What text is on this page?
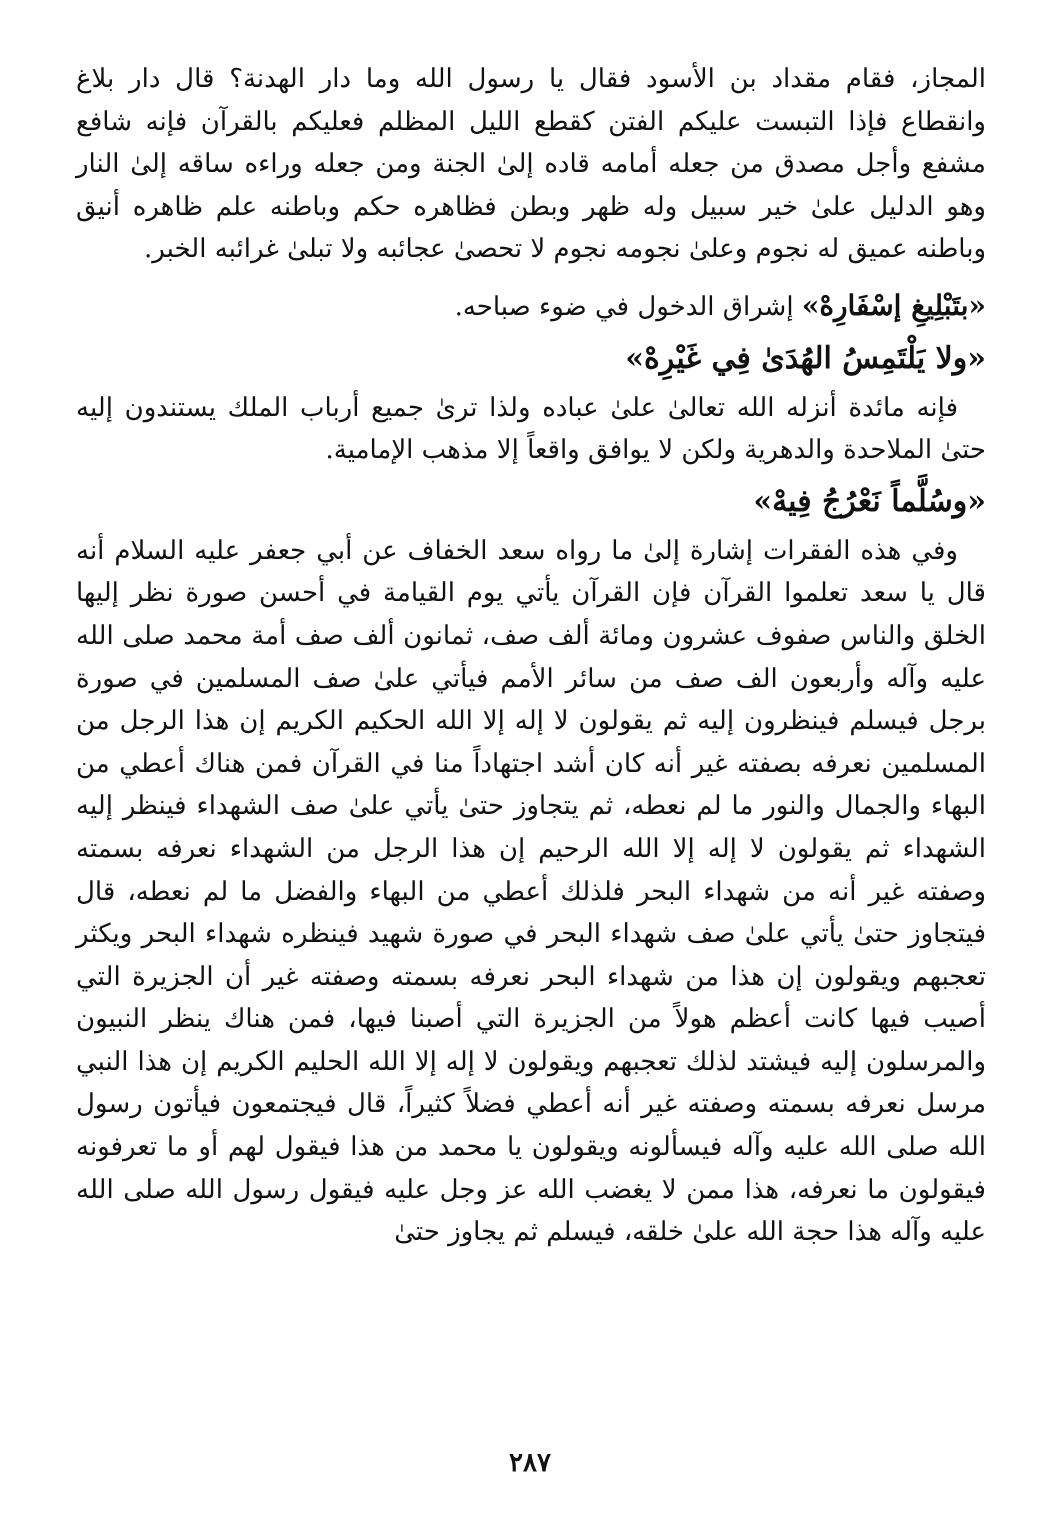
المجاز، فقام مقداد بن الأسود فقال يا رسول الله وما دار الهدنة؟ قال دار بلاغ وانقطاع فإذا التبست عليكم الفتن كقطع الليل المظلم فعليكم بالقرآن فإنه شافع مشفع وأجل مصدق من جعله أمامه قاده إلىٰ الجنة ومن جعله وراءه ساقه إلىٰ النار وهو الدليل علىٰ خير سبيل وله ظهر وبطن فظاهره حكم وباطنه علم ظاهره أنيق وباطنه عميق له نجوم وعلىٰ نجومه نجوم لا تحصىٰ عجائبه ولا تبلىٰ غرائبه الخبر.

«بتَبْلِيغِ إسْفَارِهْ» إشراق الدخول في ضوء صباحه.

«ولا يَلْتَمِسُ الهُدَىٰ فِي غَيْرِهْ»

فإنه مائدة أنزله الله تعالىٰ علىٰ عباده ولذا ترىٰ جميع أرباب الملك يستندون إليه حتىٰ الملاحدة والدهرية ولكن لا يوافق واقعاً إلا مذهب الإمامية.

«وسُلَّماً نَعْرُجُ فِيهْ»

وفي هذه الفقرات إشارة إلىٰ ما رواه سعد الخفاف عن أبي جعفر عليه السلام أنه قال يا سعد تعلموا القرآن فإن القرآن يأتي يوم القيامة في أحسن صورة نظر إليها الخلق والناس صفوف عشرون ومائة ألف صف، ثمانون ألف صف أمة محمد صلى الله عليه وآله وأربعون الف صف من سائر الأمم فيأتي علىٰ صف المسلمين في صورة برجل فيسلم فينظرون إليه ثم يقولون لا إله إلا الله الحكيم الكريم إن هذا الرجل من المسلمين نعرفه بصفته غير أنه كان أشد اجتهاداً منا في القرآن فمن هناك أعطي من البهاء والجمال والنور ما لم نعطه، ثم يتجاوز حتىٰ يأتي علىٰ صف الشهداء فينظر إليه الشهداء ثم يقولون لا إله إلا الله الرحيم إن هذا الرجل من الشهداء نعرفه بسمته وصفته غير أنه من شهداء البحر فلذلك أعطي من البهاء والفضل ما لم نعطه، قال فيتجاوز حتىٰ يأتي علىٰ صف شهداء البحر في صورة شهيد فينظره شهداء البحر ويكثر تعجبهم ويقولون إن هذا من شهداء البحر نعرفه بسمته وصفته غير أن الجزيرة التي أصيب فيها كانت أعظم هولاً من الجزيرة التي أصبنا فيها، فمن هناك ينظر النبيون والمرسلون إليه فيشتد لذلك تعجبهم ويقولون لا إله إلا الله الحليم الكريم إن هذا النبي مرسل نعرفه بسمته وصفته غير أنه أعطي فضلاً كثيراً، قال فيجتمعون فيأتون رسول الله صلى الله عليه وآله فيسألونه ويقولون يا محمد من هذا فيقول لهم أو ما تعرفونه فيقولون ما نعرفه، هذا ممن لا يغضب الله عز وجل عليه فيقول رسول الله صلى الله عليه وآله هذا حجة الله علىٰ خلقه، فيسلم ثم يجاوز حتىٰ

٢٨٧
